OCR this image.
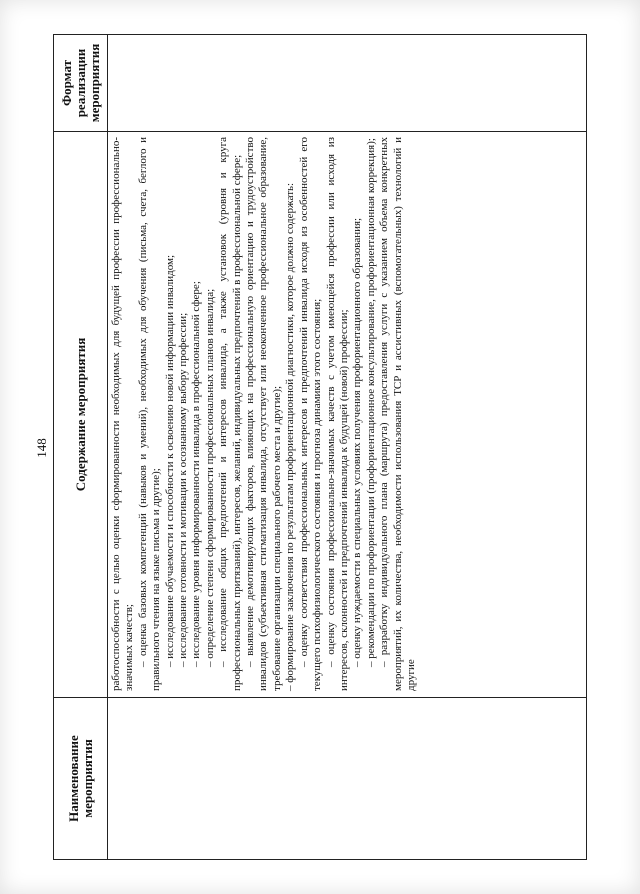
148
Наименование мероприятия
Содержание мероприятия
Формат реализации мероприятия

работоспособности с целью оценки сформированности необходимых для будущей профессии профессионально-значимых качеств; – оценка базовых компетенций (навыков и умений), необходимых для обучения (письма, счета, беглого и правильного чтения на языке письма и другие); – исследование обучаемости и способности к освоению новой информации инвалидом; – исследование готовности и мотивации к осознанному выбору профессии; – исследование уровня информированности инвалида в профессиональной сфере; – определение степени сформированности профессиональных планов инвалида; – исследование общих предпочтений и интересов инвалида, а также установок (уровня и круга профессиональных притязаний), интересов, желаний, индивидуальных предпочтений в профессиональной сфере; – выявление демотивирующих факторов, влияющих на профессиональную ориентацию и трудоустройство инвалидов (субъективная стигматизация инвалида, отсутствует или неоконченное профессиональное образование, требование организации специального рабочего места и другие); – формирование заключения по результатам профориентационной диагностики, которое должно содержать: – оценку соответствия профессиональных интересов и предпочтений инвалида исходя из особенностей его текущего психофизиологического состояния и прогноза динамики этого состояния; – оценку состояния профессионально-значимых качеств с учетом имеющейся профессии или исходя из интересов, склонностей и предпочтений инвалида к будущей (новой) профессии; – оценку нуждаемости в специальных условиях получения профориентационного образования; – рекомендации по профориентации (профориентационное консультирование, профориентационная коррекция); – разработку индивидуального плана (маршрута) предоставления услуги с указанием объема конкретных мероприятий, их количества, необходимости использования ТСР и ассистивных (вспомогательных) технологий и другие
